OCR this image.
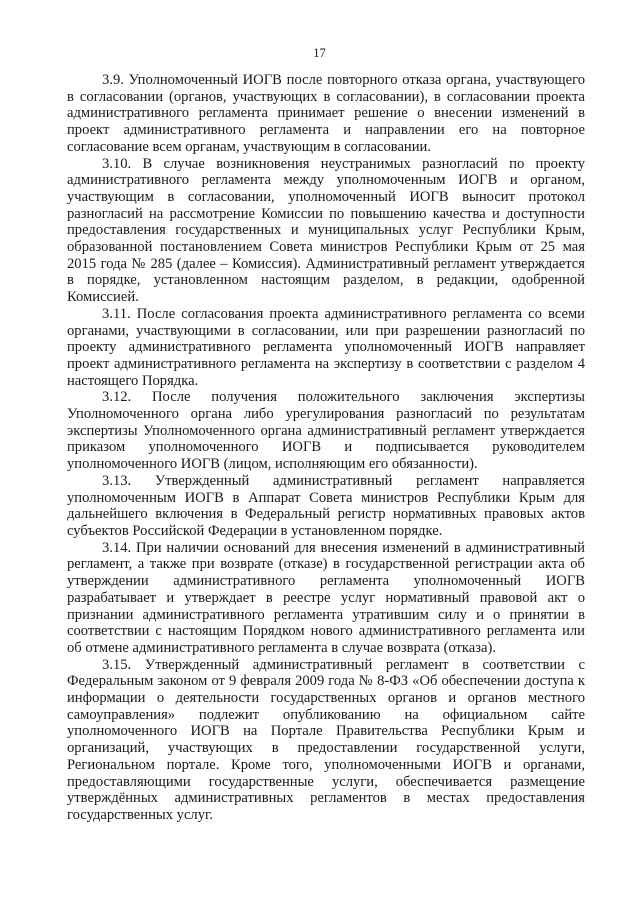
17

3.9. Уполномоченный ИОГВ после повторного отказа органа, участвующего в согласовании (органов, участвующих в согласовании), в согласовании проекта административного регламента принимает решение о внесении изменений в проект административного регламента и направлении его на повторное согласование всем органам, участвующим в согласовании.

3.10. В случае возникновения неустранимых разногласий по проекту административного регламента между уполномоченным ИОГВ и органом, участвующим в согласовании, уполномоченный ИОГВ выносит протокол разногласий на рассмотрение Комиссии по повышению качества и доступности предоставления государственных и муниципальных услуг Республики Крым, образованной постановлением Совета министров Республики Крым от 25 мая 2015 года № 285 (далее – Комиссия). Административный регламент утверждается в порядке, установленном настоящим разделом, в редакции, одобренной Комиссией.

3.11. После согласования проекта административного регламента со всеми органами, участвующими в согласовании, или при разрешении разногласий по проекту административного регламента уполномоченный ИОГВ направляет проект административного регламента на экспертизу в соответствии с разделом 4 настоящего Порядка.

3.12. После получения положительного заключения экспертизы Уполномоченного органа либо урегулирования разногласий по результатам экспертизы Уполномоченного органа административный регламент утверждается приказом уполномоченного ИОГВ и подписывается руководителем уполномоченного ИОГВ (лицом, исполняющим его обязанности).

3.13. Утвержденный административный регламент направляется уполномоченным ИОГВ в Аппарат Совета министров Республики Крым для дальнейшего включения в Федеральный регистр нормативных правовых актов субъектов Российской Федерации в установленном порядке.

3.14. При наличии оснований для внесения изменений в административный регламент, а также при возврате (отказе) в государственной регистрации акта об утверждении административного регламента уполномоченный ИОГВ разрабатывает и утверждает в реестре услуг нормативный правовой акт о признании административного регламента утратившим силу и о принятии в соответствии с настоящим Порядком нового административного регламента или об отмене административного регламента в случае возврата (отказа).

3.15. Утвержденный административный регламент в соответствии с Федеральным законом от 9 февраля 2009 года № 8-ФЗ «Об обеспечении доступа к информации о деятельности государственных органов и органов местного самоуправления» подлежит опубликованию на официальном сайте уполномоченного ИОГВ на Портале Правительства Республики Крым и организаций, участвующих в предоставлении государственной услуги, Региональном портале. Кроме того, уполномоченными ИОГВ и органами, предоставляющими государственные услуги, обеспечивается размещение утверждённых административных регламентов в местах предоставления государственных услуг.
